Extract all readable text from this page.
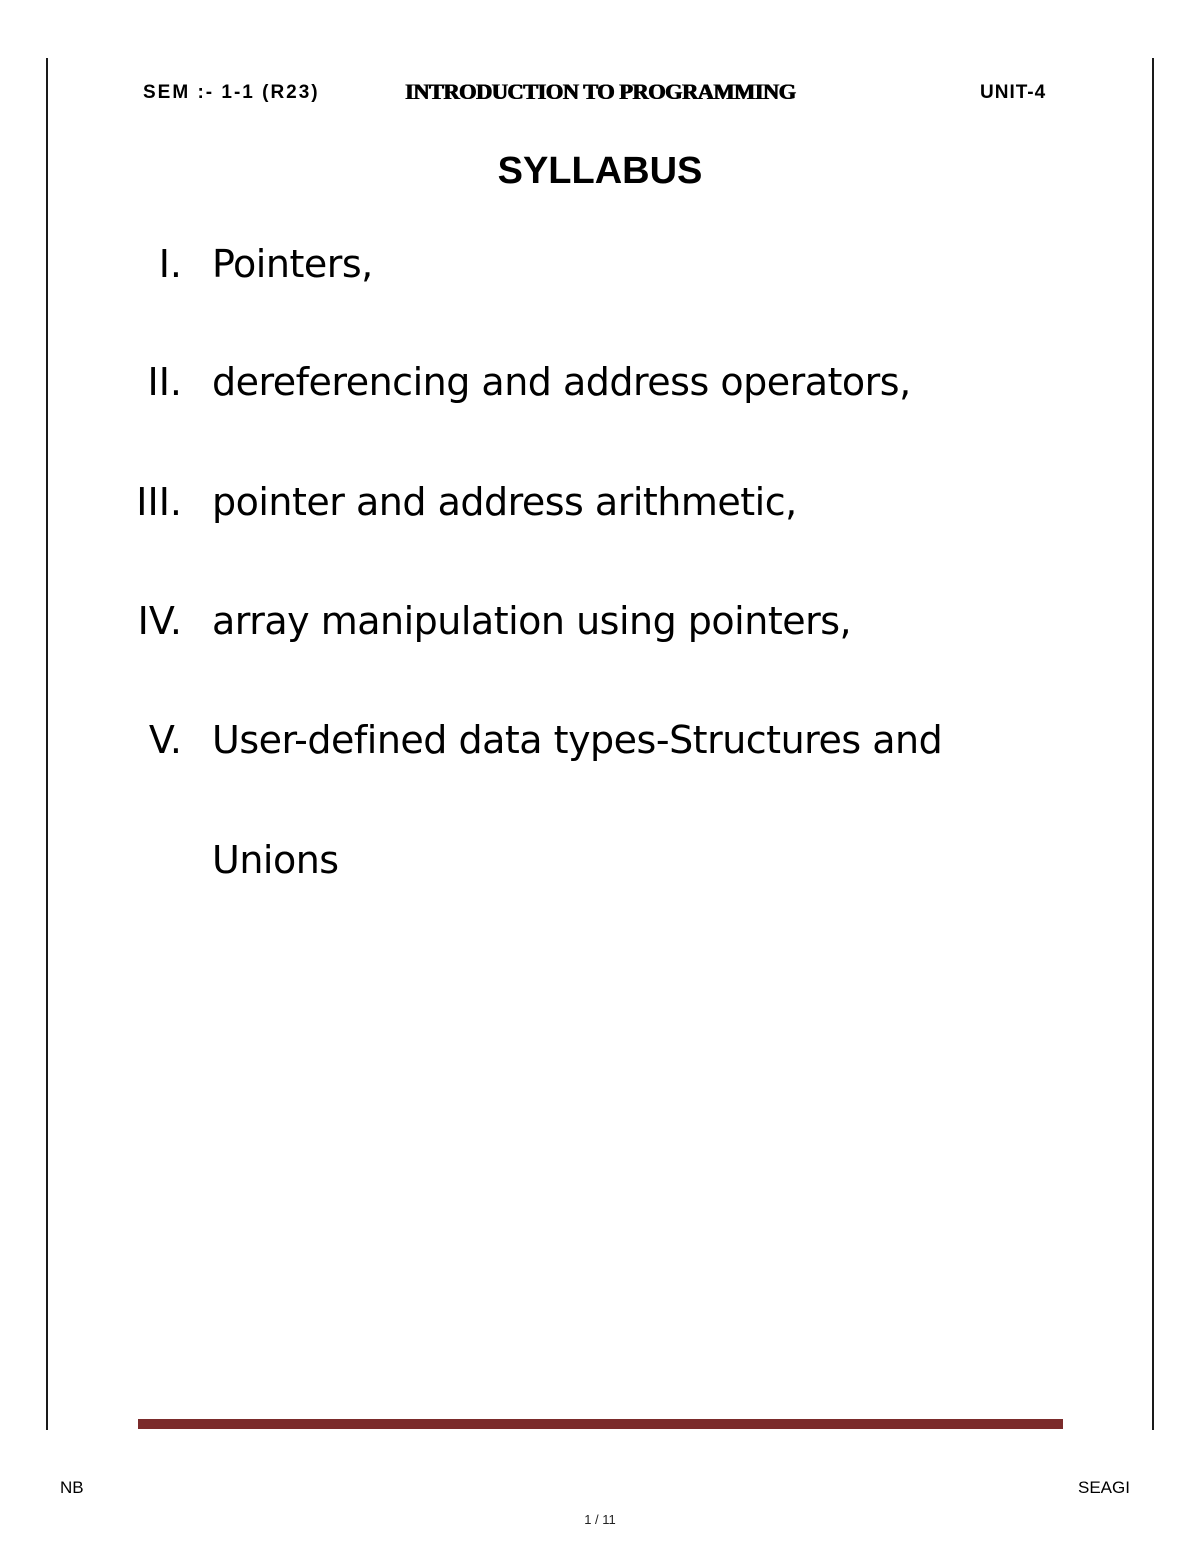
SEM :- 1-1 (R23)	INTRODUCTION TO PROGRAMMING	UNIT-4
SYLLABUS
I. Pointers,
II. dereferencing and address operators,
III. pointer and address arithmetic,
IV. array manipulation using pointers,
V. User-defined data types-Structures and
Unions
NB	SEAGI
1 / 11
